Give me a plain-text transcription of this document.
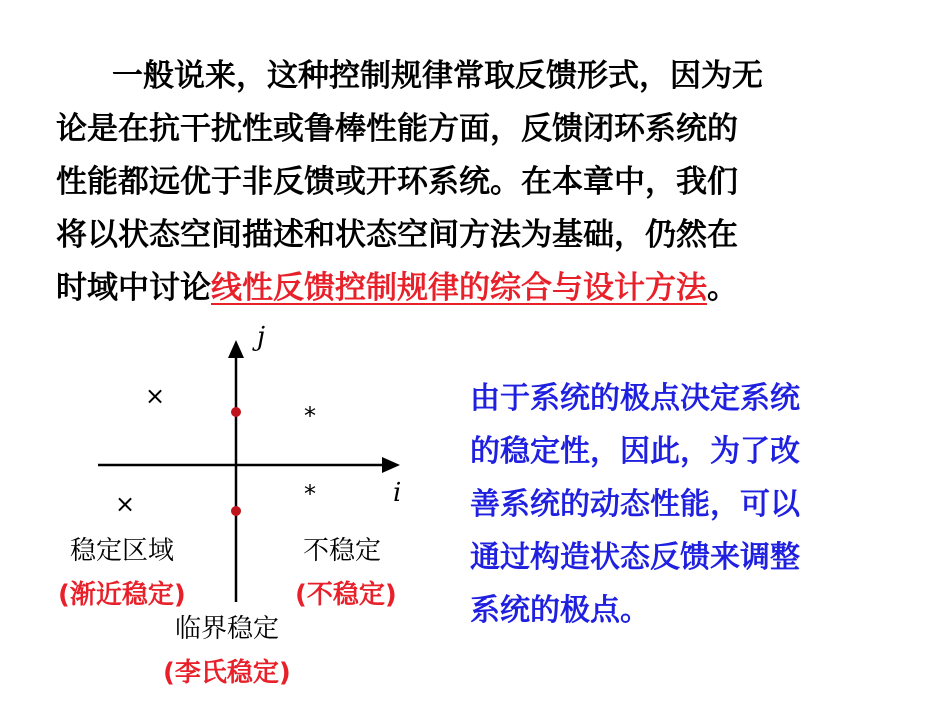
一般说来，这种控制规律常取反馈形式，因为无
论是在抗干扰性或鲁棒性能方面，反馈闭环系统的
性能都远优于非反馈或开环系统。在本章中，我们
将以状态空间描述和状态空间方法为基础，仍然在
时域中讨论线性反馈控制规律的综合与设计方法。
j
i
×
×
*
*
稳定区域
(渐近稳定)
不稳定
(不稳定)
临界稳定
(李氏稳定)
由于系统的极点决定系统
的稳定性，因此，为了改
善系统的动态性能，可以
通过构造状态反馈来调整
系统的极点。
